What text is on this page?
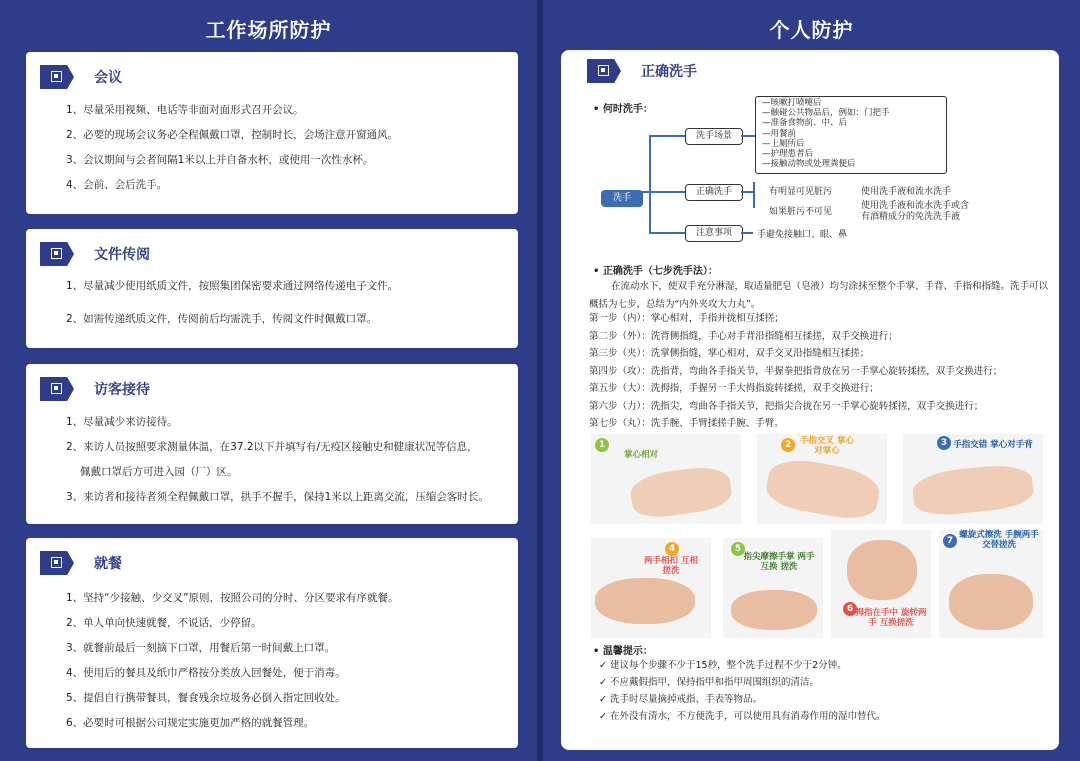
工作场所防护
会议
1、尽量采用视频、电话等非面对面形式召开会议。
2、必要的现场会议务必全程佩戴口罩，控制时长，会场注意开窗通风。
3、会议期间与会者间隔1米以上并自备水杯，或使用一次性水杯。
4、会前、会后洗手。
文件传阅
1、尽量减少使用纸质文件，按照集团保密要求通过网络传递电子文件。
2、如需传递纸质文件，传阅前后均需洗手，传阅文件时佩戴口罩。
访客接待
1、尽量减少来访接待。
2、来访人员按照要求测量体温，在37.2以下并填写有/无疫区接触史和健康状况等信息，
佩戴口罩后方可进入园（厂）区。
3、来访者和接待者须全程佩戴口罩，拱手不握手，保持1米以上距离交流，压缩会客时长。
就餐
1、坚持“少接触、少交叉”原则，按照公司的分时、分区要求有序就餐。
2、单人单向快速就餐，不说话，少停留。
3、就餐前最后一刻摘下口罩，用餐后第一时间戴上口罩。
4、使用后的餐具及纸巾严格按分类放入回餐处，便于消毒。
5、提倡自行携带餐具，餐食残余垃圾务必倒入指定回收处。
6、必要时可根据公司规定实施更加严格的就餐管理。
个人防护
正确洗手
• 何时洗手：
洗手
洗手场景
正确洗手
注意事项
—咳嗽打喷嚏后
—触碰公共物品后，例如：门把手
—准备食物前、中、后
—用餐前
—上厕所后
—护理患者后
—接触动物或处理粪便后
有明显可见脏污	使用洗手液和流水洗手
如果脏污不可见
使用洗手液和流水洗手或含
有酒精成分的免洗洗手液
手避免接触口、眼、鼻
• 正确洗手（七步洗手法）：
在流动水下，使双手充分淋湿，取适量肥皂（皂液）均匀涂抹至整个手掌、手背、手指和指缝。洗手可以
概括为七步，总结为“内外夹攻大力丸”。
第一步（内）：掌心相对，手指并拢相互揉搓；
第二步（外）：洗背侧指缝，手心对手背沿指缝相互揉搓，双手交换进行；
第三步（夹）：洗掌侧指缝，掌心相对，双手交叉沿指缝相互揉搓；
第四步（攻）：洗指背，弯曲各手指关节，半握拳把指背放在另一手掌心旋转揉搓，双手交换进行；
第五步（大）：洗拇指，手握另一手大拇指旋转揉搓，双手交换进行；
第六步（力）：洗指尖，弯曲各手指关节，把指尖合拢在另一手掌心旋转揉搓，双手交换进行；
第七步（丸）：洗手腕、手臂揉搓手腕、手臂。
1
掌心相对
2	手指交叉 掌心对掌心
3 手指交错 掌心对手背
4
两手相扣 互相搓洗
5
指尖摩擦手掌 两手互换 搓洗
6 拇指在手中 旋转两手 互换搓洗
7
螺旋式擦洗 手腕两手 交替搓洗
• 温馨提示：
✓ 建议每个步骤不少于15秒，整个洗手过程不少于2分钟。
✓ 不应戴假指甲，保持指甲和指甲周围组织的清洁。
✓ 洗手时尽量摘掉戒指、手表等物品。
✓ 在外没有清水，不方便洗手，可以使用具有消毒作用的湿巾替代。
